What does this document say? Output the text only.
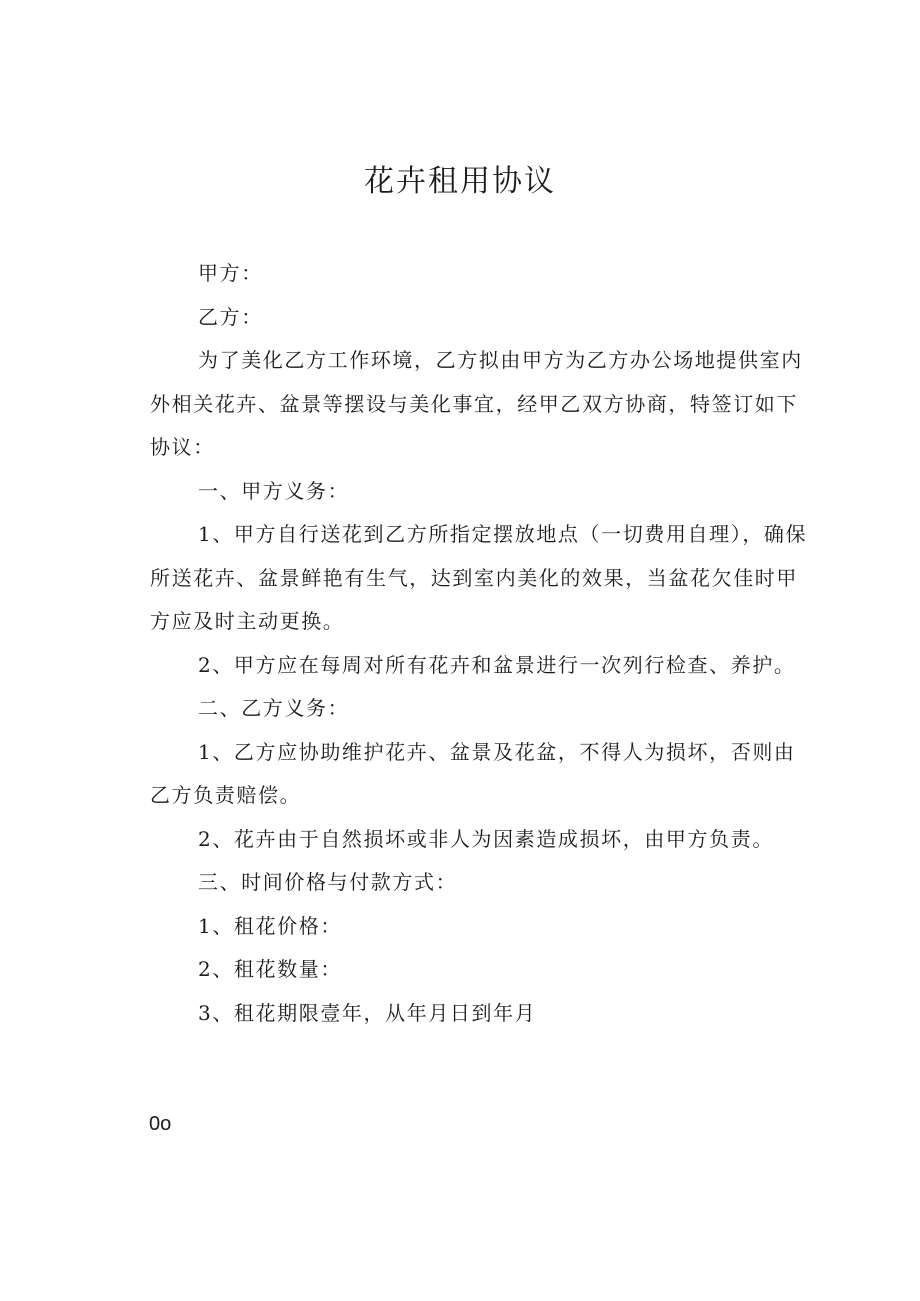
花卉租用协议

甲方：

乙方：

为了美化乙方工作环境，乙方拟由甲方为乙方办公场地提供室内外相关花卉、盆景等摆设与美化事宜，经甲乙双方协商，特签订如下协议：

一、甲方义务：

1、甲方自行送花到乙方所指定摆放地点（一切费用自理），确保所送花卉、盆景鲜艳有生气，达到室内美化的效果，当盆花欠佳时甲方应及时主动更换。

2、甲方应在每周对所有花卉和盆景进行一次列行检查、养护。

二、乙方义务：

1、乙方应协助维护花卉、盆景及花盆，不得人为损坏，否则由乙方负责赔偿。

2、花卉由于自然损坏或非人为因素造成损坏，由甲方负责。

三、时间价格与付款方式：

1、租花价格：

2、租花数量：

3、租花期限壹年，从年月日到年月

0o
